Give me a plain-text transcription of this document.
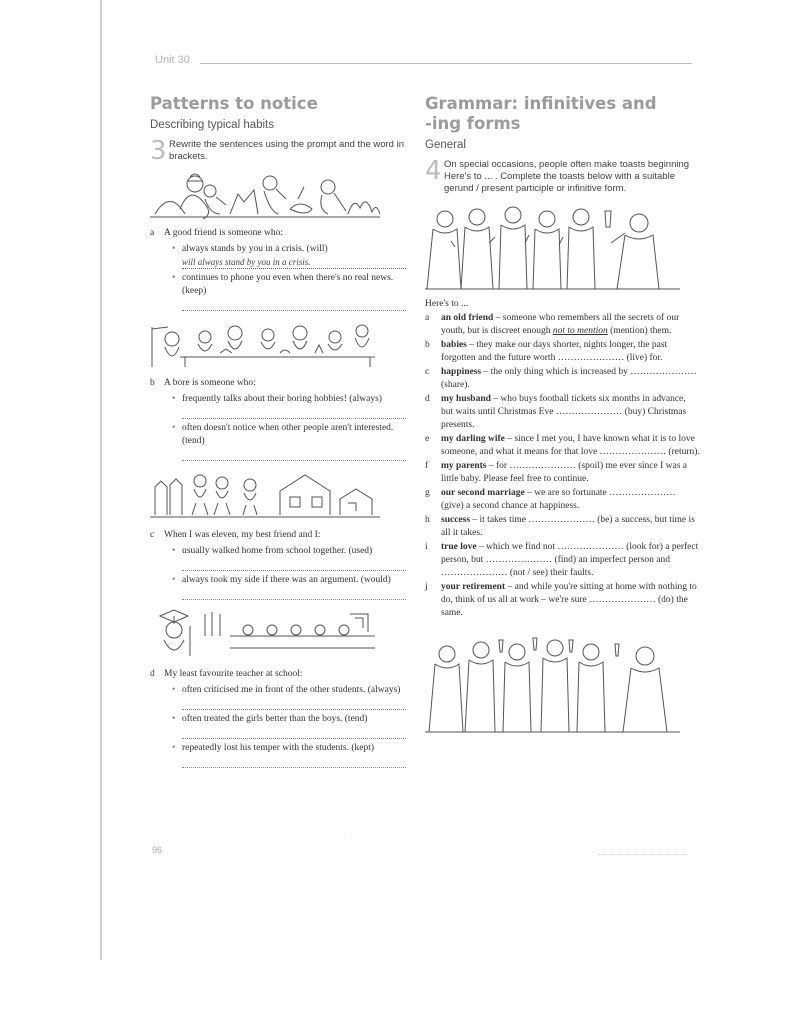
Unit 30
Patterns to notice
Describing typical habits
3 Rewrite the sentences using the prompt and the word in brackets.
a	A good friend is someone who:
• always stands by you in a crisis. (will)
will always stand by you in a crisis.
• continues to phone you even when there's no real news. (keep)
b A bore is someone who:
• frequently talks about their boring hobbies! (always)
• often doesn't notice when other people aren't interested. (tend)
c	When I was eleven, my best friend and I:
• usually walked home from school together. (used)
• always took my side if there was an argument. (would)
d My least favourite teacher at school:
• often criticised me in front of the other students. (always)
• often treated the girls better than the boys. (tend)
• repeatedly lost his temper with the students. (kept)
Grammar: infinitives and
-ing forms
General
4 On special occasions, people often make toasts beginning Here's to ... . Complete the toasts below with a suitable gerund / present participle or infinitive form.
Here's to ...
a an old friend – someone who remembers all the secrets of our youth, but is discreet enough not to mention (mention) them.
b babies – they make our days shorter, nights longer, the past forgotten and the future worth ………………… (live) for.
c happiness – the only thing which is increased by ………………… (share).
d my husband – who buys football tickets six months in advance, but waits until Christmas Eve ………………… (buy) Christmas presents.
e my darling wife – since I met you, I have known what it is to love someone, and what it means for that love ………………… (return).
f my parents – for ………………… (spoil) me ever since I was a little baby. Please feel free to continue.
g our second marriage – we are so fortunate ………………… (give) a second chance at happiness.
h success – it takes time ………………… (be) a success, but time is all it takes.
i true love – which we find not ………………… (look for) a perfect person, but ………………… (find) an imperfect person and ………………… (not / see) their faults.
j your retirement – and while you're sitting at home with nothing to do, think of us all at work – we're sure ………………… (do) the same.
·
96
